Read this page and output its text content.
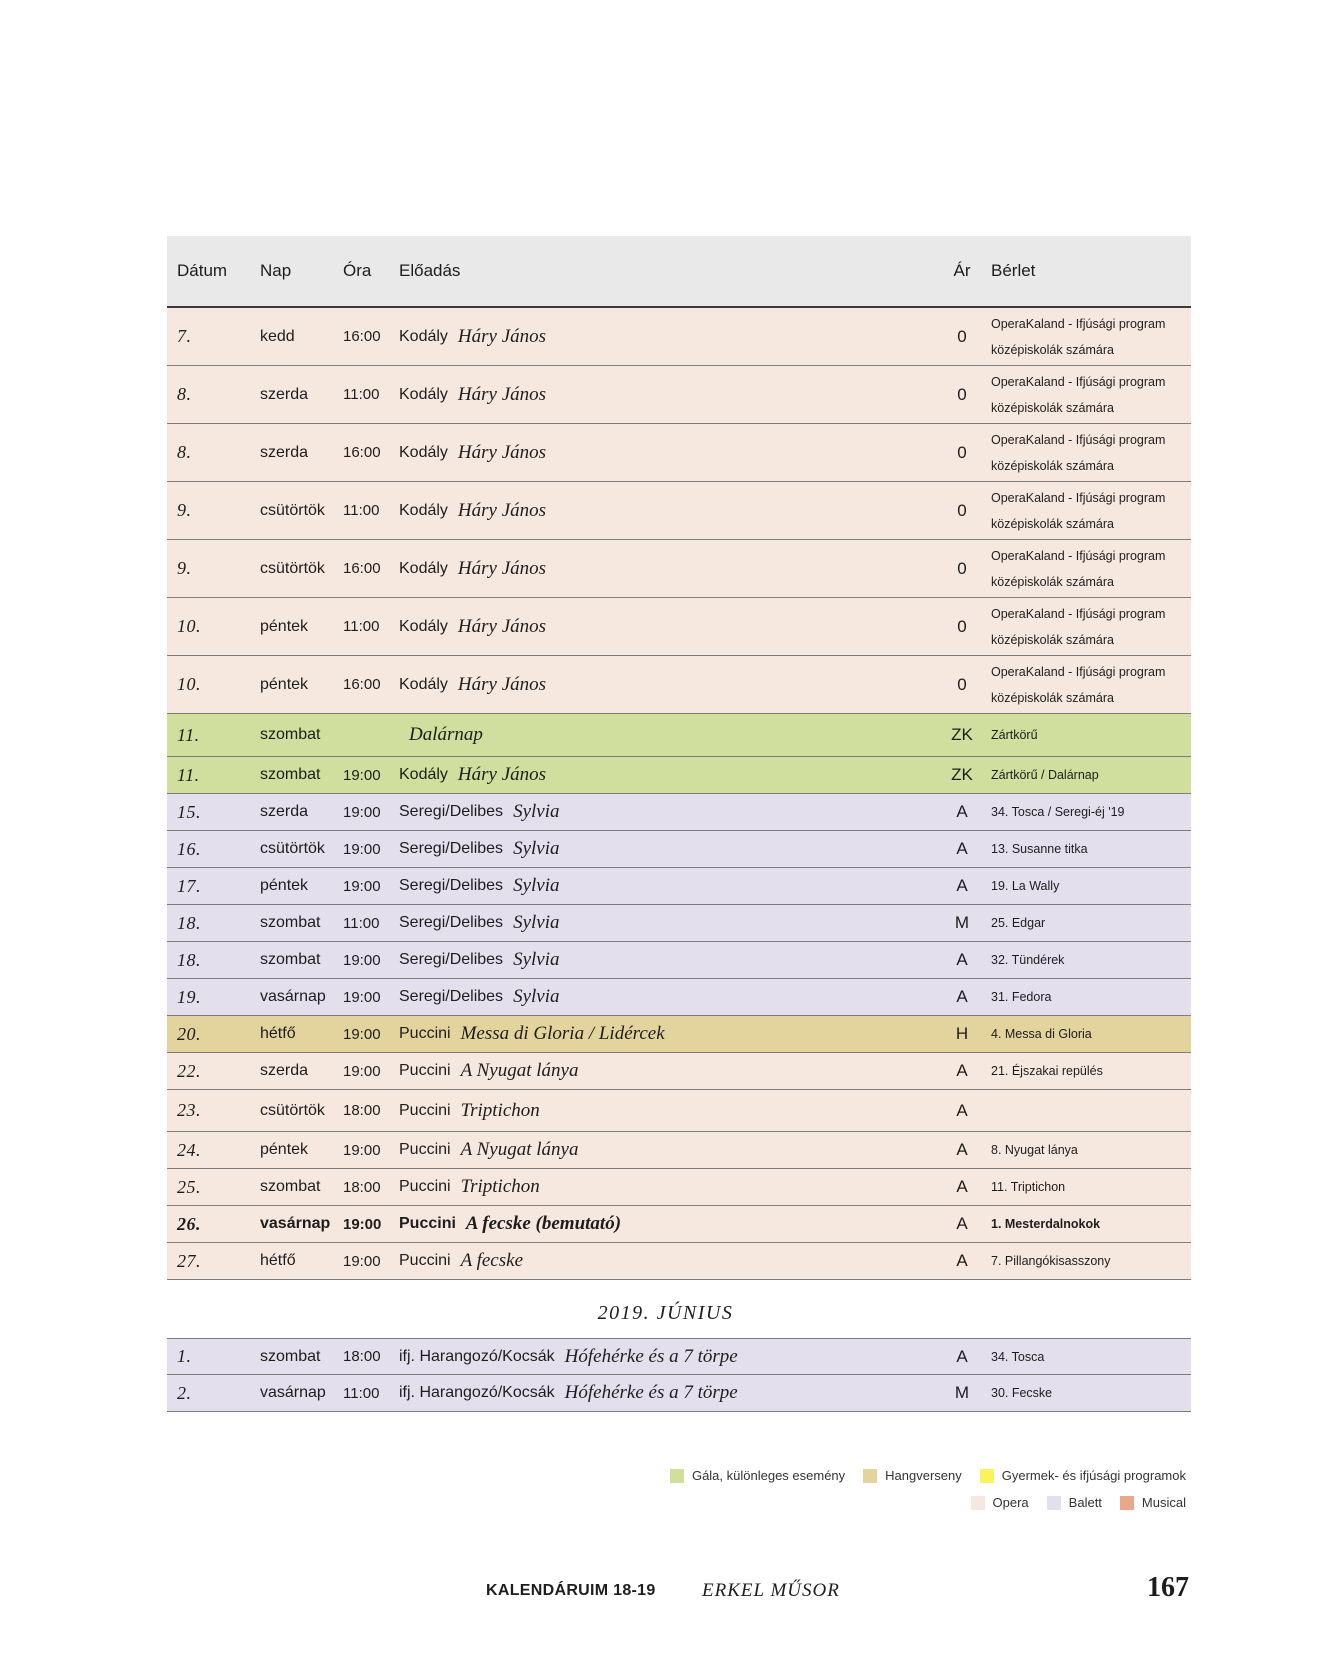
Dátum Nap	Óra Előadás	Ár Bérlet
7.	kedd	16:00 Kodály Háry János	0
OperaKaland - Ifjúsági program
középiskolák számára
8.	szerda 11:00 Kodály Háry János	0
OperaKaland - Ifjúsági program
középiskolák számára
8.	szerda 16:00 Kodály Háry János	0
OperaKaland - Ifjúsági program
középiskolák számára
9.	csütörtök 11:00 Kodály Háry János	0
OperaKaland - Ifjúsági program
középiskolák számára
9.	csütörtök 16:00 Kodály Háry János	0
OperaKaland - Ifjúsági program
középiskolák számára
10.	péntek 11:00 Kodály Háry János	0
OperaKaland - Ifjúsági program
középiskolák számára
10.	péntek 16:00 Kodály Háry János	0
OperaKaland - Ifjúsági program
középiskolák számára
11.	szombat	Dalárnap	ZK Zártkörű
11.	szombat 19:00 Kodály Háry János	ZK Zártkörű / Dalárnap
15.	szerda 19:00 Seregi/Delibes Sylvia	A	34. Tosca / Seregi-éj '19
16.	csütörtök 19:00 Seregi/Delibes Sylvia	A	13. Susanne titka
17.	péntek 19:00 Seregi/Delibes Sylvia	A	19. La Wally
18.	szombat 11:00 Seregi/Delibes Sylvia	M	25. Edgar
18.	szombat 19:00 Seregi/Delibes Sylvia	A	32. Tündérek
19.	vasárnap 19:00 Seregi/Delibes Sylvia	A	31. Fedora
20.	hétfő	19:00 Puccini Messa di Gloria / Lidércek	H	4. Messa di Gloria
22.	szerda 19:00 Puccini A Nyugat lánya	A	21. Éjszakai repülés
23.	csütörtök 18:00 Puccini Triptichon	A
24.	péntek 19:00 Puccini A Nyugat lánya	A	8. Nyugat lánya
25.	szombat 18:00 Puccini Triptichon	A	11. Triptichon
26.	vasárnap 19:00 Puccini A fecske (bemutató)	A	1. Mesterdalnokok
27.	hétfő	19:00 Puccini A fecske	A	7. Pillangókisasszony
2019. JÚNIUS
1.	szombat 18:00 ifj. Harangozó/Kocsák Hófehérke és a 7 törpe	A	34. Tosca
2.	vasárnap 11:00 ifj. Harangozó/Kocsák Hófehérke és a 7 törpe	M	30. Fecske
Gála, különleges esemény	Hangverseny	Gyermek- és ifjúsági programok
Opera	Balett	Musical
KALENDÁRUIM 18-19 ERKEL MŰSOR	167
